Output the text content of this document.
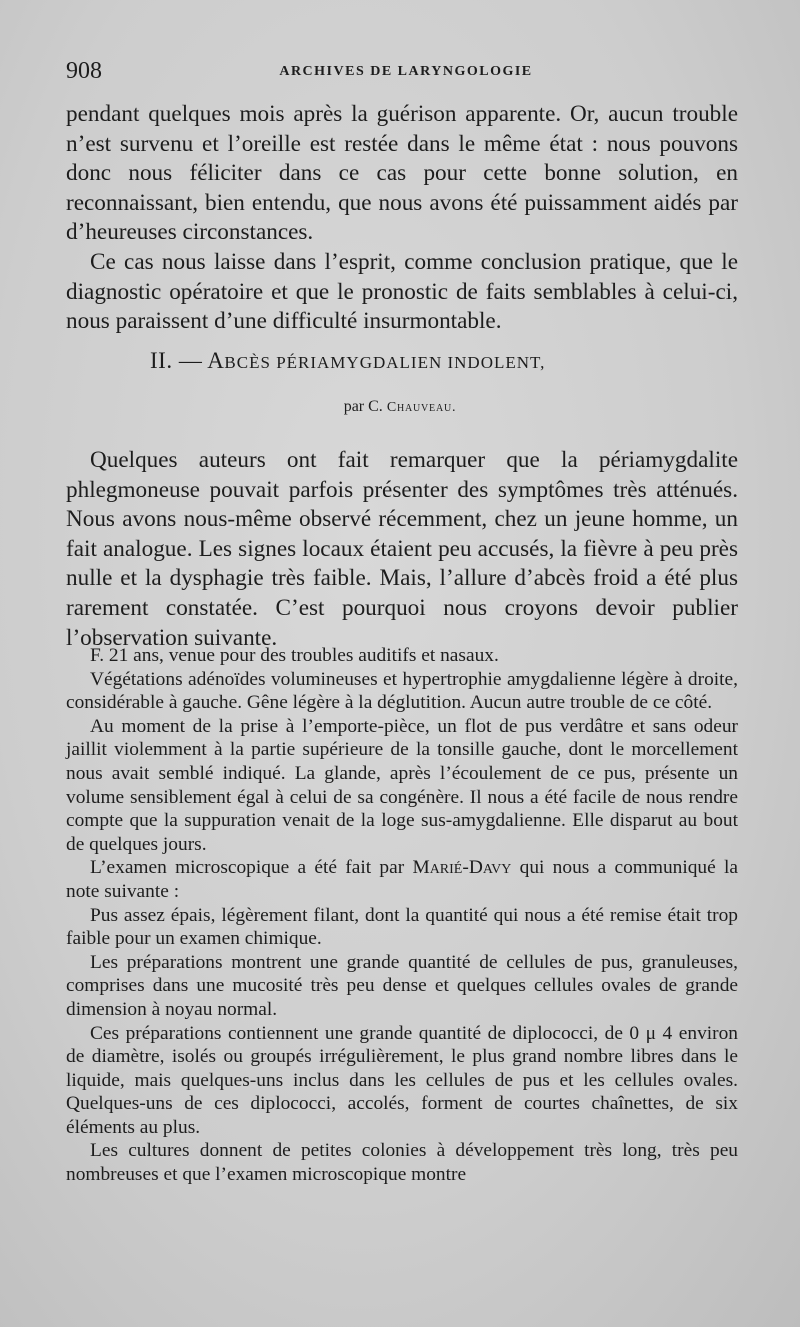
908	ARCHIVES DE LARYNGOLOGIE

pendant quelques mois après la guérison apparente. Or, aucun trouble n’est survenu et l’oreille est restée dans le même état : nous pouvons donc nous féliciter dans ce cas pour cette bonne solution, en reconnaissant, bien entendu, que nous avons été puissamment aidés par d’heureuses circonstances.

Ce cas nous laisse dans l’esprit, comme conclusion pratique, que le diagnostic opératoire et que le pronostic de faits semblables à celui-ci, nous paraissent d’une difficulté insurmontable.

II. — ABCÈS PÉRIAMYGDALIEN INDOLENT,
par C. Chauveau.

Quelques auteurs ont fait remarquer que la périamygdalite phlegmoneuse pouvait parfois présenter des symptômes très atténués. Nous avons nous-même observé récemment, chez un jeune homme, un fait analogue. Les signes locaux étaient peu accusés, la fièvre à peu près nulle et la dysphagie très faible. Mais, l’allure d’abcès froid a été plus rarement constatée. C’est pourquoi nous croyons devoir publier l’observation suivante.

F. 21 ans, venue pour des troubles auditifs et nasaux.

Végétations adénoïdes volumineuses et hypertrophie amygdalienne légère à droite, considérable à gauche. Gêne légère à la déglutition. Aucun autre trouble de ce côté.

Au moment de la prise à l’emporte-pièce, un flot de pus verdâtre et sans odeur jaillit violemment à la partie supérieure de la tonsille gauche, dont le morcellement nous avait semblé indiqué. La glande, après l’écoulement de ce pus, présente un volume sensiblement égal à celui de sa congénère. Il nous a été facile de nous rendre compte que la suppuration venait de la loge sus-amygdalienne. Elle disparut au bout de quelques jours.

L’examen microscopique a été fait par Marié-Davy qui nous a communiqué la note suivante :

Pus assez épais, légèrement filant, dont la quantité qui nous a été remise était trop faible pour un examen chimique.

Les préparations montrent une grande quantité de cellules de pus, granuleuses, comprises dans une mucosité très peu dense et quelques cellules ovales de grande dimension à noyau normal.

Ces préparations contiennent une grande quantité de diplococci, de 0 μ 4 environ de diamètre, isolés ou groupés irrégulièrement, le plus grand nombre libres dans le liquide, mais quelques-uns inclus dans les cellules de pus et les cellules ovales. Quelques-uns de ces diplococci, accolés, forment de courtes chaînettes, de six éléments au plus.

Les cultures donnent de petites colonies à développement très long, très peu nombreuses et que l’examen microscopique montre
